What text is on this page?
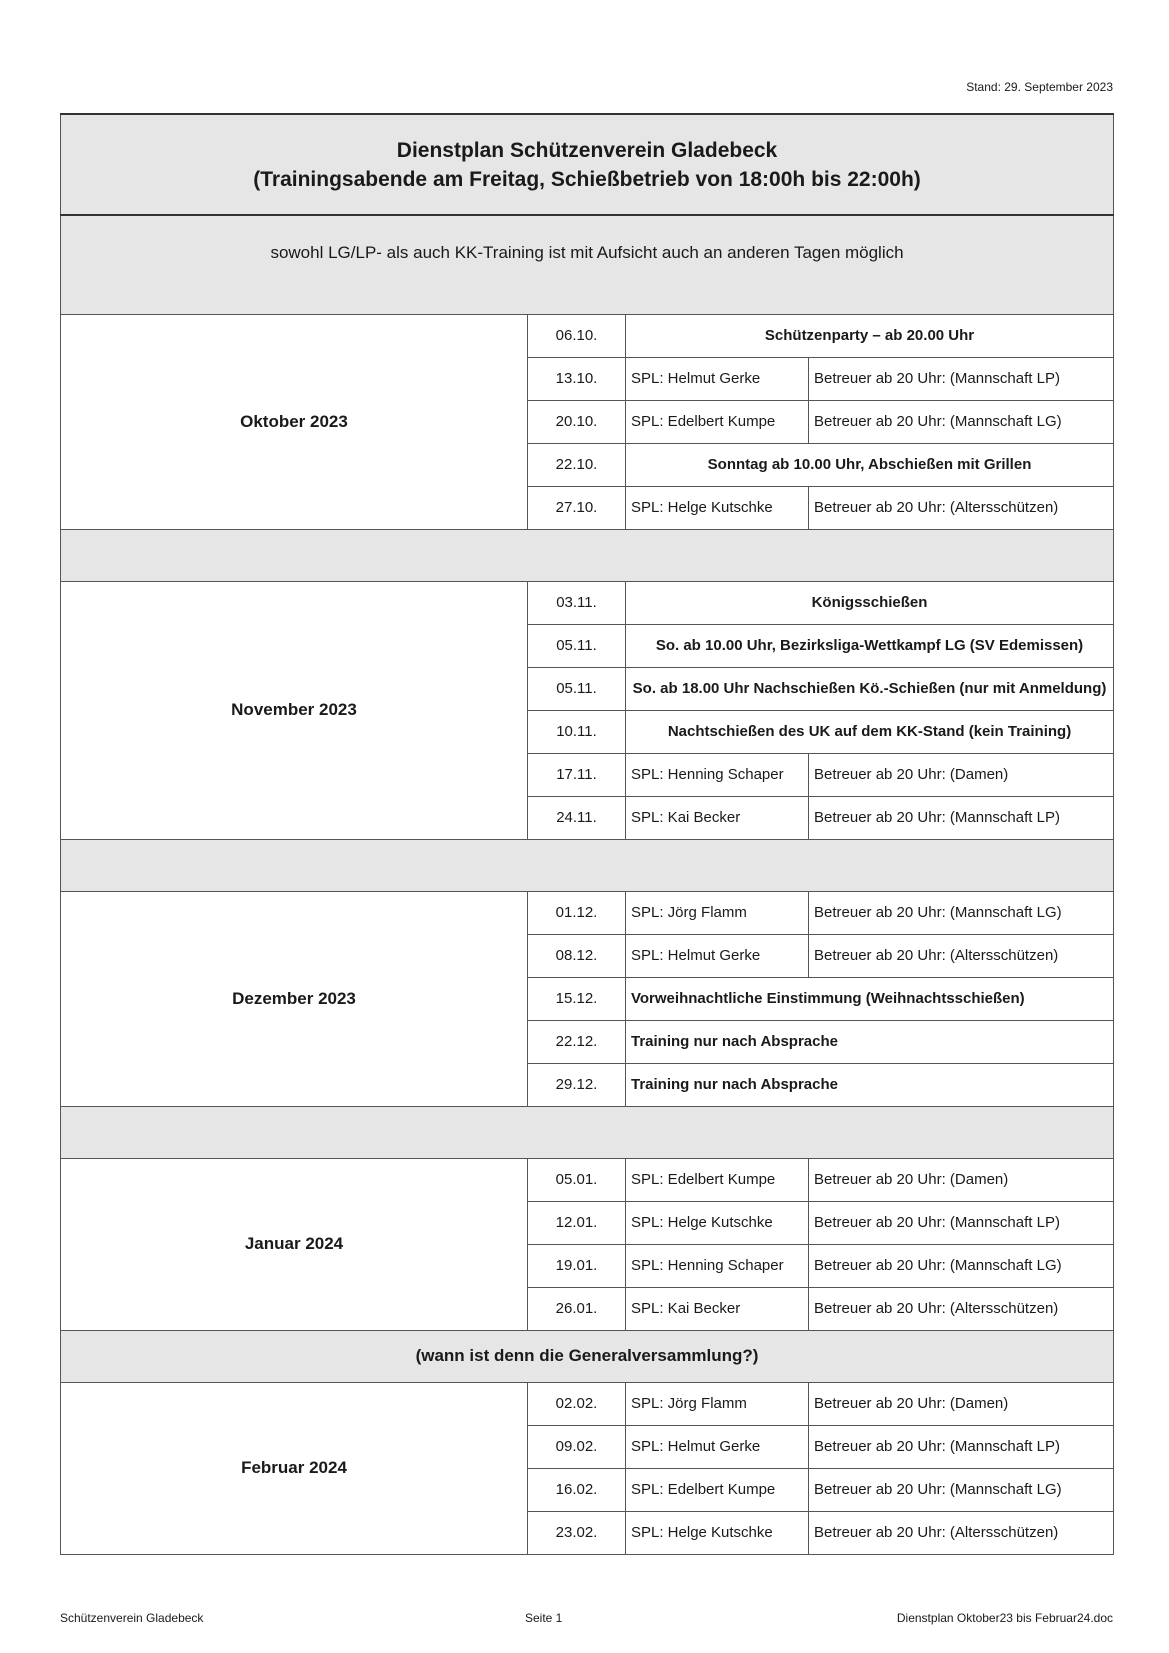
Stand: 29. September 2023
Dienstplan Schützenverein Gladebeck
(Trainingsabende am Freitag, Schießbetrieb von 18:00h bis 22:00h)			
sowohl LG/LP- als auch KK-Training ist mit Aufsicht auch an anderen Tagen möglich			
Oktober 2023	06.10.	Schützenparty – ab 20.00 Uhr	
	13.10.	SPL: Helmut Gerke	Betreuer ab 20 Uhr: (Mannschaft LP)
	20.10.	SPL: Edelbert Kumpe	Betreuer ab 20 Uhr: (Mannschaft LG)
	22.10.	Sonntag ab 10.00 Uhr, Abschießen mit Grillen	
	27.10.	SPL: Helge Kutschke	Betreuer ab 20 Uhr: (Altersschützen)

November 2023	03.11.	Königsschießen	
	05.11.	So. ab 10.00 Uhr, Bezirksliga-Wettkampf LG (SV Edemissen)	
	05.11.	So. ab 18.00 Uhr Nachschießen Kö.-Schießen (nur mit Anmeldung)	
	10.11.	Nachtschießen des UK auf dem KK-Stand (kein Training)	
	17.11.	SPL: Henning Schaper	Betreuer ab 20 Uhr: (Damen)
	24.11.	SPL: Kai Becker	Betreuer ab 20 Uhr: (Mannschaft LP)

Dezember 2023	01.12.	SPL: Jörg Flamm	Betreuer ab 20 Uhr: (Mannschaft LG)
	08.12.	SPL: Helmut Gerke	Betreuer ab 20 Uhr: (Altersschützen)
	15.12.	Vorweihnachtliche Einstimmung (Weihnachtsschießen)	
	22.12.	Training nur nach Absprache	
	29.12.	Training nur nach Absprache	

Januar 2024	05.01.	SPL: Edelbert Kumpe	Betreuer ab 20 Uhr: (Damen)
	12.01.	SPL: Helge Kutschke	Betreuer ab 20 Uhr: (Mannschaft LP)
	19.01.	SPL: Henning Schaper	Betreuer ab 20 Uhr: (Mannschaft LG)
	26.01.	SPL: Kai Becker	Betreuer ab 20 Uhr: (Altersschützen)
(wann ist denn die Generalversammlung?)			
Februar 2024	02.02.	SPL: Jörg Flamm	Betreuer ab 20 Uhr: (Damen)
	09.02.	SPL: Helmut Gerke	Betreuer ab 20 Uhr: (Mannschaft LP)
	16.02.	SPL: Edelbert Kumpe	Betreuer ab 20 Uhr: (Mannschaft LG)
	23.02.	SPL: Helge Kutschke	Betreuer ab 20 Uhr: (Altersschützen)
Schützenverein Gladebeck	Seite 1	Dienstplan Oktober23 bis Februar24.doc
